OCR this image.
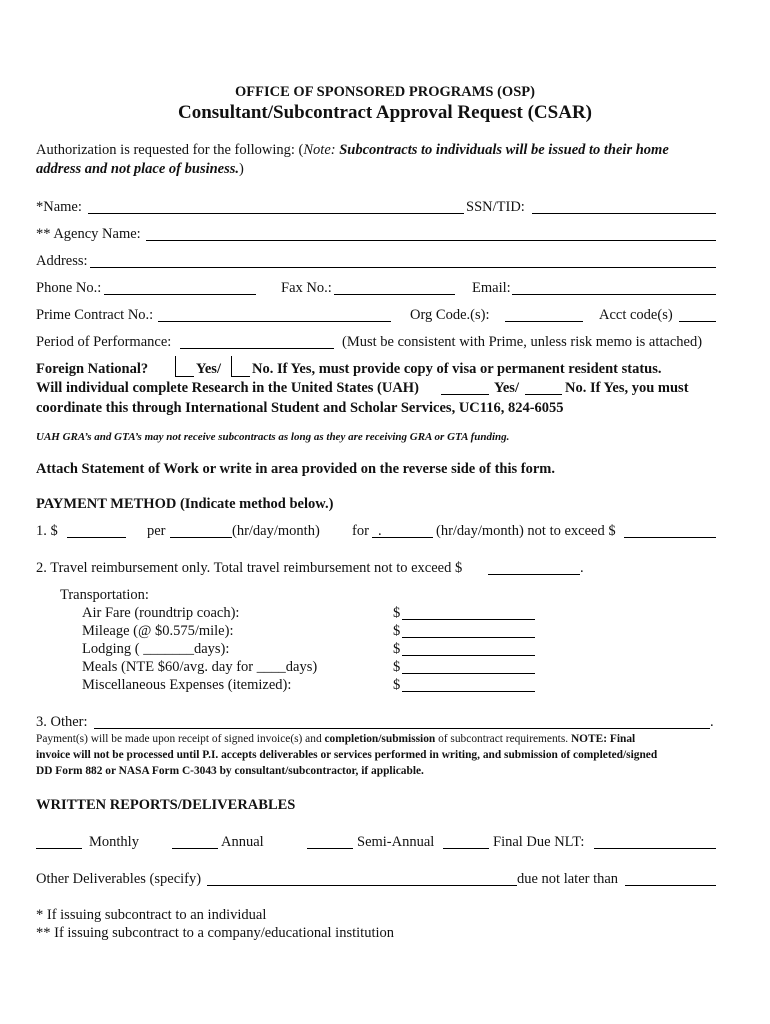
OFFICE OF SPONSORED PROGRAMS (OSP)
Consultant/Subcontract Approval Request (CSAR)
Authorization is requested for the following: (Note: Subcontracts to individuals will be issued to their home
address and not place of business.)
*Name:	SSN/TID:
** Agency Name:
Address:
Phone No.:	Fax No.:	Email:
Prime Contract No.:	Org Code.(s):	Acct code(s)
Period of Performance:	(Must be consistent with Prime, unless risk memo is attached)
Foreign National?	Yes/ No. If Yes, must provide copy of visa or permanent resident status.
Will individual complete Research in the United States (UAH)	Yes/	No. If Yes, you must
coordinate this through International Student and Scholar Services, UC116, 824-6055
UAH GRA’s and GTA’s may not receive subcontracts as long as they are receiving GRA or GTA funding.
Attach Statement of Work or write in area provided on the reverse side of this form.
PAYMENT METHOD (Indicate method below.)
1. $	per	(hr/day/month) for .	(hr/day/month) not to exceed $
2. Travel reimbursement only. Total travel reimbursement not to exceed $	.
Transportation:
Air Fare (roundtrip coach):	$
Mileage (@ $0.575/mile):	$
Lodging ( _______days):	$
Meals (NTE $60/avg. day for ____days)	$
Miscellaneous Expenses (itemized):	$
3. Other:	.
Payment(s) will be made upon receipt of signed invoice(s) and completion/submission of subcontract requirements. NOTE: Final
invoice will not be processed until P.I. accepts deliverables or services performed in writing, and submission of completed/signed
DD Form 882 or NASA Form C-3043 by consultant/subcontractor, if applicable.
WRITTEN REPORTS/DELIVERABLES
Monthly	Annual	Semi-Annual	Final Due NLT:
Other Deliverables (specify)	due not later than
* If issuing subcontract to an individual
** If issuing subcontract to a company/educational institution
